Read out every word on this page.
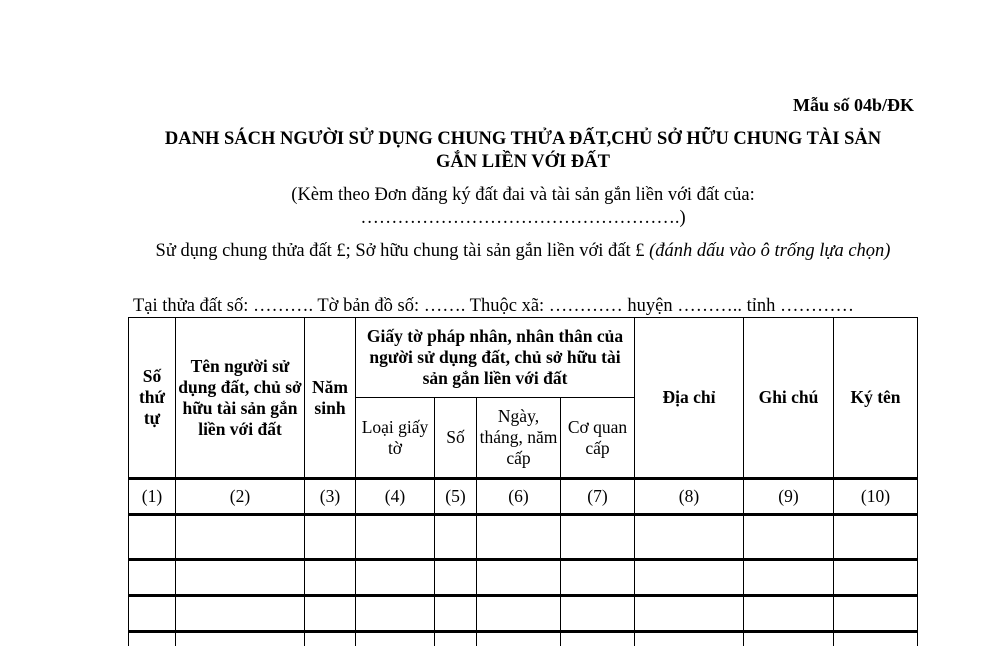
Mẫu số 04b/ĐK
DANH SÁCH NGƯỜI SỬ DỤNG CHUNG THỬA ĐẤT,CHỦ SỞ HỮU CHUNG TÀI SẢN
GẮN LIỀN VỚI ĐẤT
(Kèm theo Đơn đăng ký đất đai và tài sản gắn liền với đất của:
…………………………………………….)
Sử dụng chung thửa đất £; Sở hữu chung tài sản gắn liền với đất £ (đánh dấu vào ô trống lựa chọn)
Tại thửa đất số: ………. Tờ bản đồ số: ……. Thuộc xã: ………… huyện ……….. tỉnh …………
Số thứ tự	Tên người sử dụng đất, chủ sở hữu tài sản gắn liền với đất	Năm sinh	Giấy tờ pháp nhân, nhân thân của người sử dụng đất, chủ sở hữu tài sản gắn liền với đất				Địa chỉ	Ghi chú	Ký tên
			Loại giấy tờ	Số	Ngày, tháng, năm cấp	Cơ quan cấp			
(1)	(2)	(3)	(4)	(5)	(6)	(7)	(8)	(9)	(10)
